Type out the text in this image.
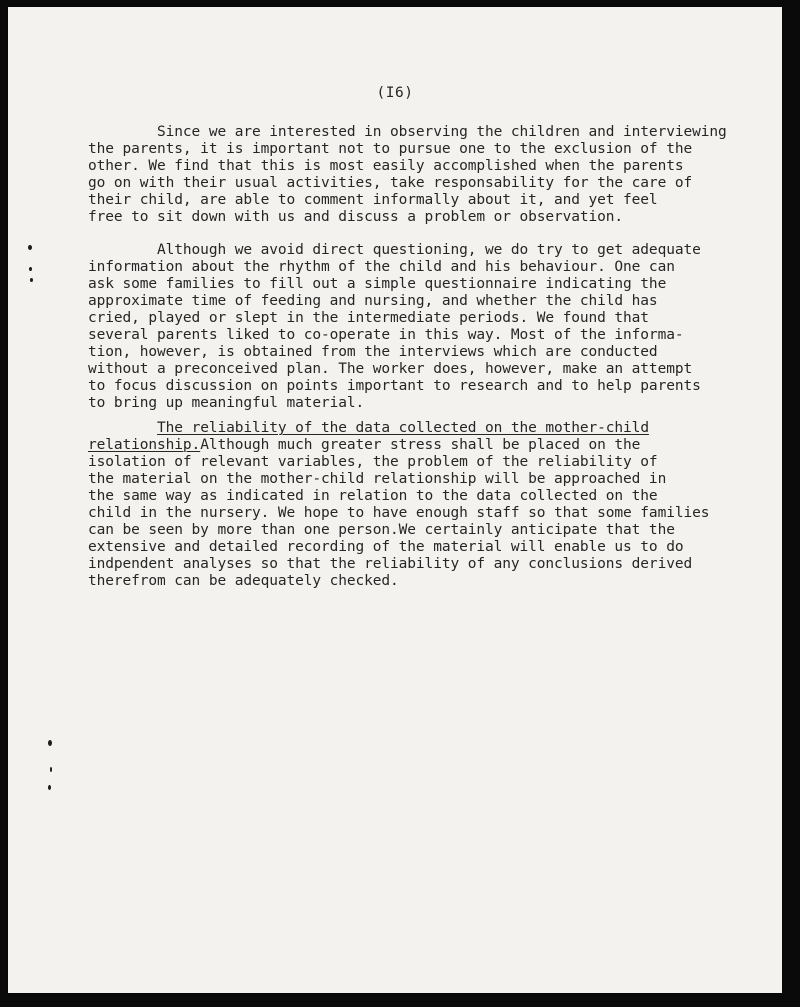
(I6)
Since we are interested in observing the children and interviewing
the parents, it is important not to pursue one to the exclusion of the
other. We find that this is most easily accomplished when the parents
go on with their usual activities, take responsability for the care of
their child, are able to comment informally about it, and yet feel
free to sit down with us and discuss a problem or observation.
Although we avoid direct questioning, we do try to get adequate
information about the rhythm of the child and his behaviour. One can
ask some families to fill out a simple questionnaire indicating the
approximate time of feeding and nursing, and whether the child has
cried, played or slept in the intermediate periods. We found that
several parents liked to co-operate in this way. Most of the informa-
tion, however, is obtained from the interviews which are conducted
without a preconceived plan. The worker does, however, make an attempt
to focus discussion on points important to research and to help parents
to bring up meaningful material.
The reliability of the data collected on the mother-child
relationship.Although much greater stress shall be placed on the
isolation of relevant variables, the problem of the reliability of
the material on the mother-child relationship will be approached in
the same way as indicated in relation to the data collected on the
child in the nursery. We hope to have enough staff so that some families
can be seen by more than one person.We certainly anticipate that the
extensive and detailed recording of the material will enable us to do
indpendent analyses so that the reliability of any conclusions derived
therefrom can be adequately checked.
